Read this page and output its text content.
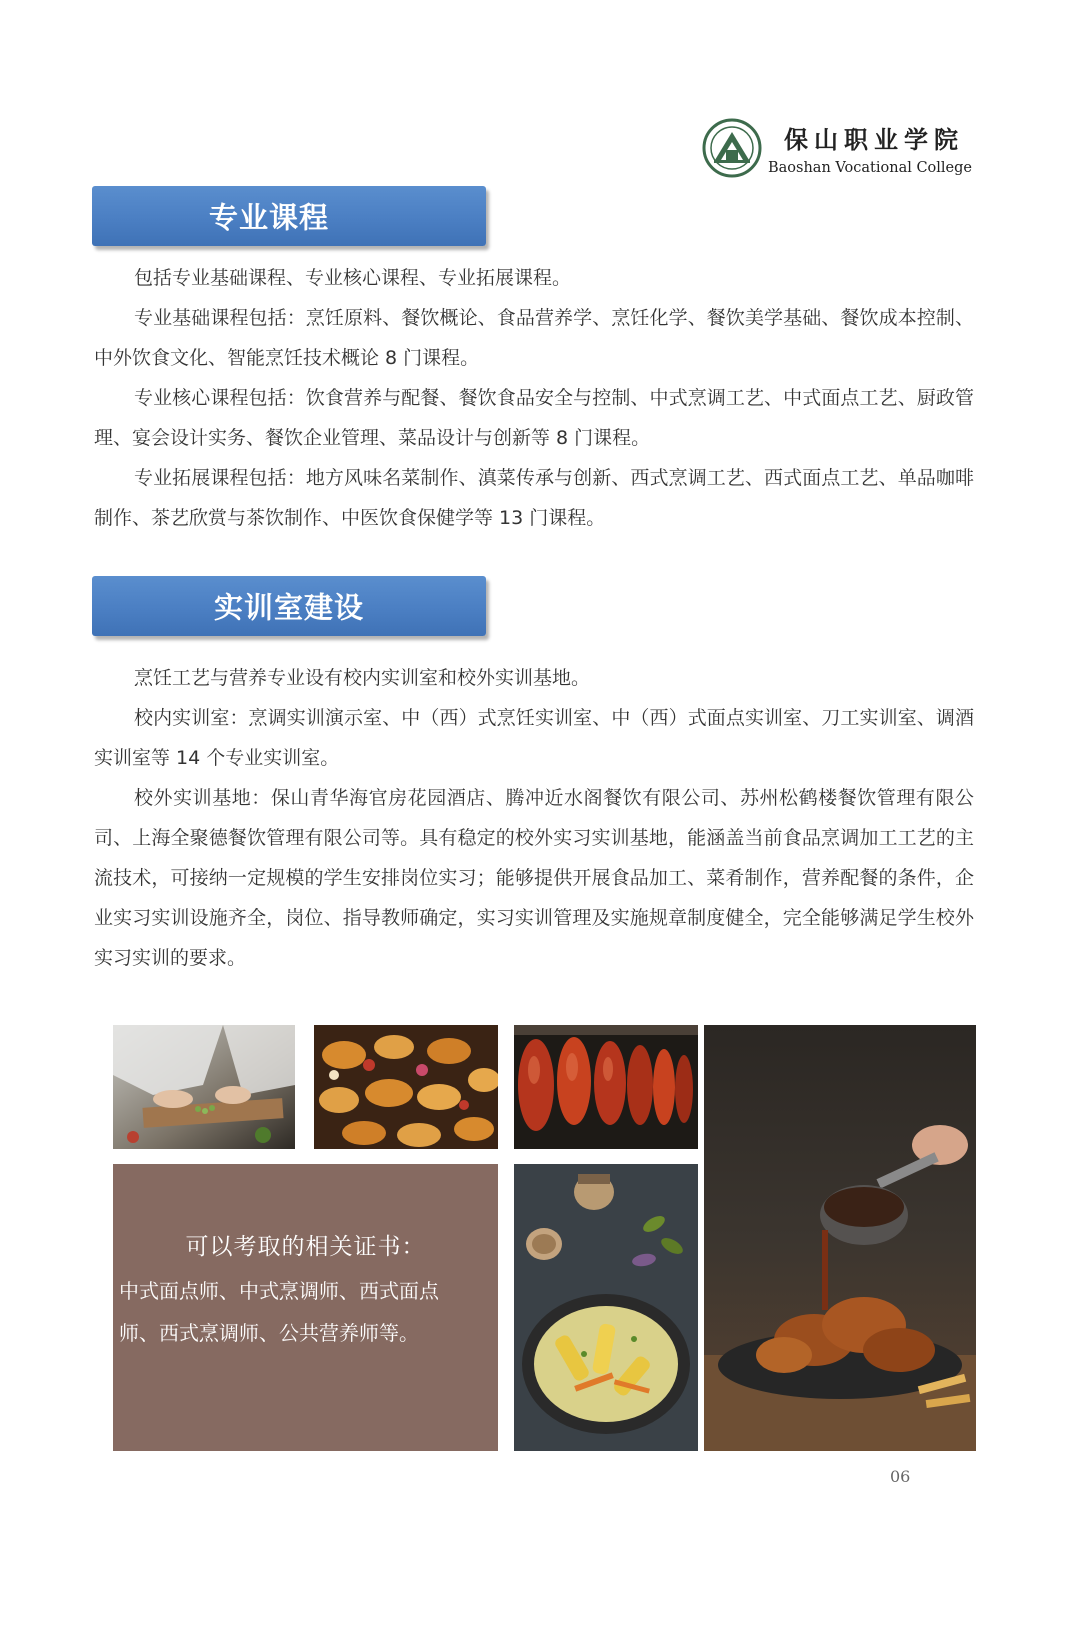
保山职业学院
Baoshan Vocational College
专业课程

包括专业基础课程、专业核心课程、专业拓展课程。

专业基础课程包括：烹饪原料、餐饮概论、食品营养学、烹饪化学、餐饮美学基础、餐饮成本控制、中外饮食文化、智能烹饪技术概论 8 门课程。

专业核心课程包括：饮食营养与配餐、餐饮食品安全与控制、中式烹调工艺、中式面点工艺、厨政管理、宴会设计实务、餐饮企业管理、菜品设计与创新等 8 门课程。

专业拓展课程包括：地方风味名菜制作、滇菜传承与创新、西式烹调工艺、西式面点工艺、单品咖啡制作、茶艺欣赏与茶饮制作、中医饮食保健学等 13 门课程。

实训室建设

烹饪工艺与营养专业设有校内实训室和校外实训基地。

校内实训室：烹调实训演示室、中（西）式烹饪实训室、中（西）式面点实训室、刀工实训室、调酒实训室等 14 个专业实训室。

校外实训基地：保山青华海官房花园酒店、腾冲近水阁餐饮有限公司、苏州松鹤楼餐饮管理有限公司、上海全聚德餐饮管理有限公司等。具有稳定的校外实习实训基地，能涵盖当前食品烹调加工工艺的主流技术，可接纳一定规模的学生安排岗位实习；能够提供开展食品加工、菜肴制作，营养配餐的条件，企业实习实训设施齐全，岗位、指导教师确定，实习实训管理及实施规章制度健全，完全能够满足学生校外实习实训的要求。

可以考取的相关证书：
中式面点师、中式烹调师、西式面点师、西式烹调师、公共营养师等。
06
